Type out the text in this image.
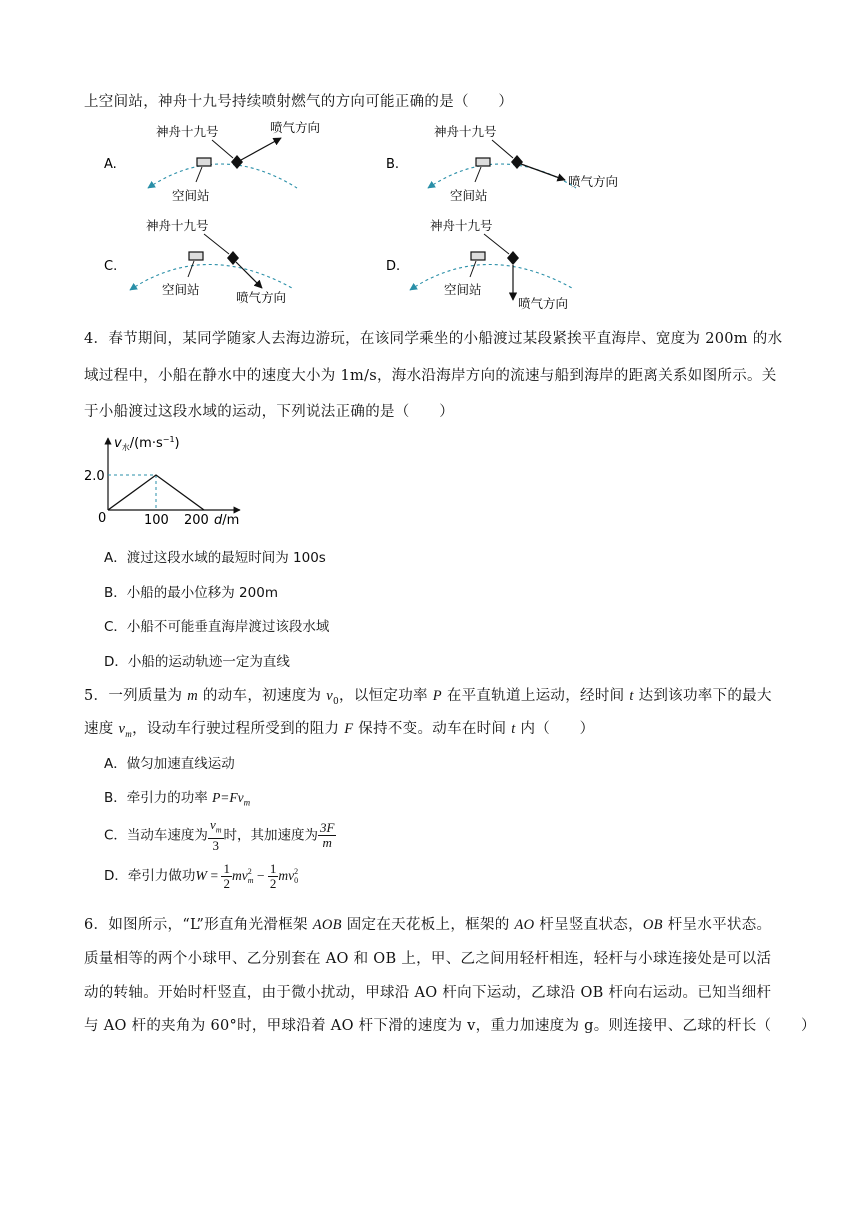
上空间站，神舟十九号持续喷射燃气的方向可能正确的是（　　）
A.
神舟十九号	喷气方向
空间站
B.
神舟十九号
喷气方向
空间站
C.
神舟十九号
喷气方向
空间站
D.
神舟十九号
喷气方向
空间站
4．春节期间，某同学随家人去海边游玩，在该同学乘坐的小船渡过某段紧挨平直海岸、宽度为 200m 的水
域过程中，小船在静水中的速度大小为 1m/s，海水沿海岸方向的流速与船到海岸的距离关系如图所示。关
于小船渡过这段水域的运动，下列说法正确的是（　　）
$v_水/(m\cdot s^{-1})$
2.0
0	100 200 d/m
A．渡过这段水域的最短时间为 100s
B．小船的最小位移为 200m
C．小船不可能垂直海岸渡过该段水域
D．小船的运动轨迹一定为直线
5．一列质量为 m 的动车，初速度为 $v_0$，以恒定功率 P 在平直轨道上运动，经时间 t 达到该功率下的最大
速度 $v_m$，设动车行驶过程所受到的阻力 F 保持不变。动车在时间 t 内（　　）
A．做匀加速直线运动
B．牵引力的功率 $P=Fv_m$
C．当动车速度为 $\frac{v_m}{3}$ 时，其加速度为 $\frac{3F}{m}$
D．牵引力做功$W = \frac{1}{2}$ mv 2
$m - \frac{1}{2}$ mv 2
0
6．如图所示，“L”形直角光滑框架 AOB 固定在天花板上，框架的 AO 杆呈竖直状态，OB 杆呈水平状态。
质量相等的两个小球甲、乙分别套在 AO 和 OB 上，甲、乙之间用轻杆相连，轻杆与小球连接处是可以活
动的转轴。开始时杆竖直，由于微小扰动，甲球沿 AO 杆向下运动，乙球沿 OB 杆向右运动。已知当细杆
与 AO 杆的夹角为 60°时，甲球沿着 AO 杆下滑的速度为 v，重力加速度为 g。则连接甲、乙球的杆长（　　）
